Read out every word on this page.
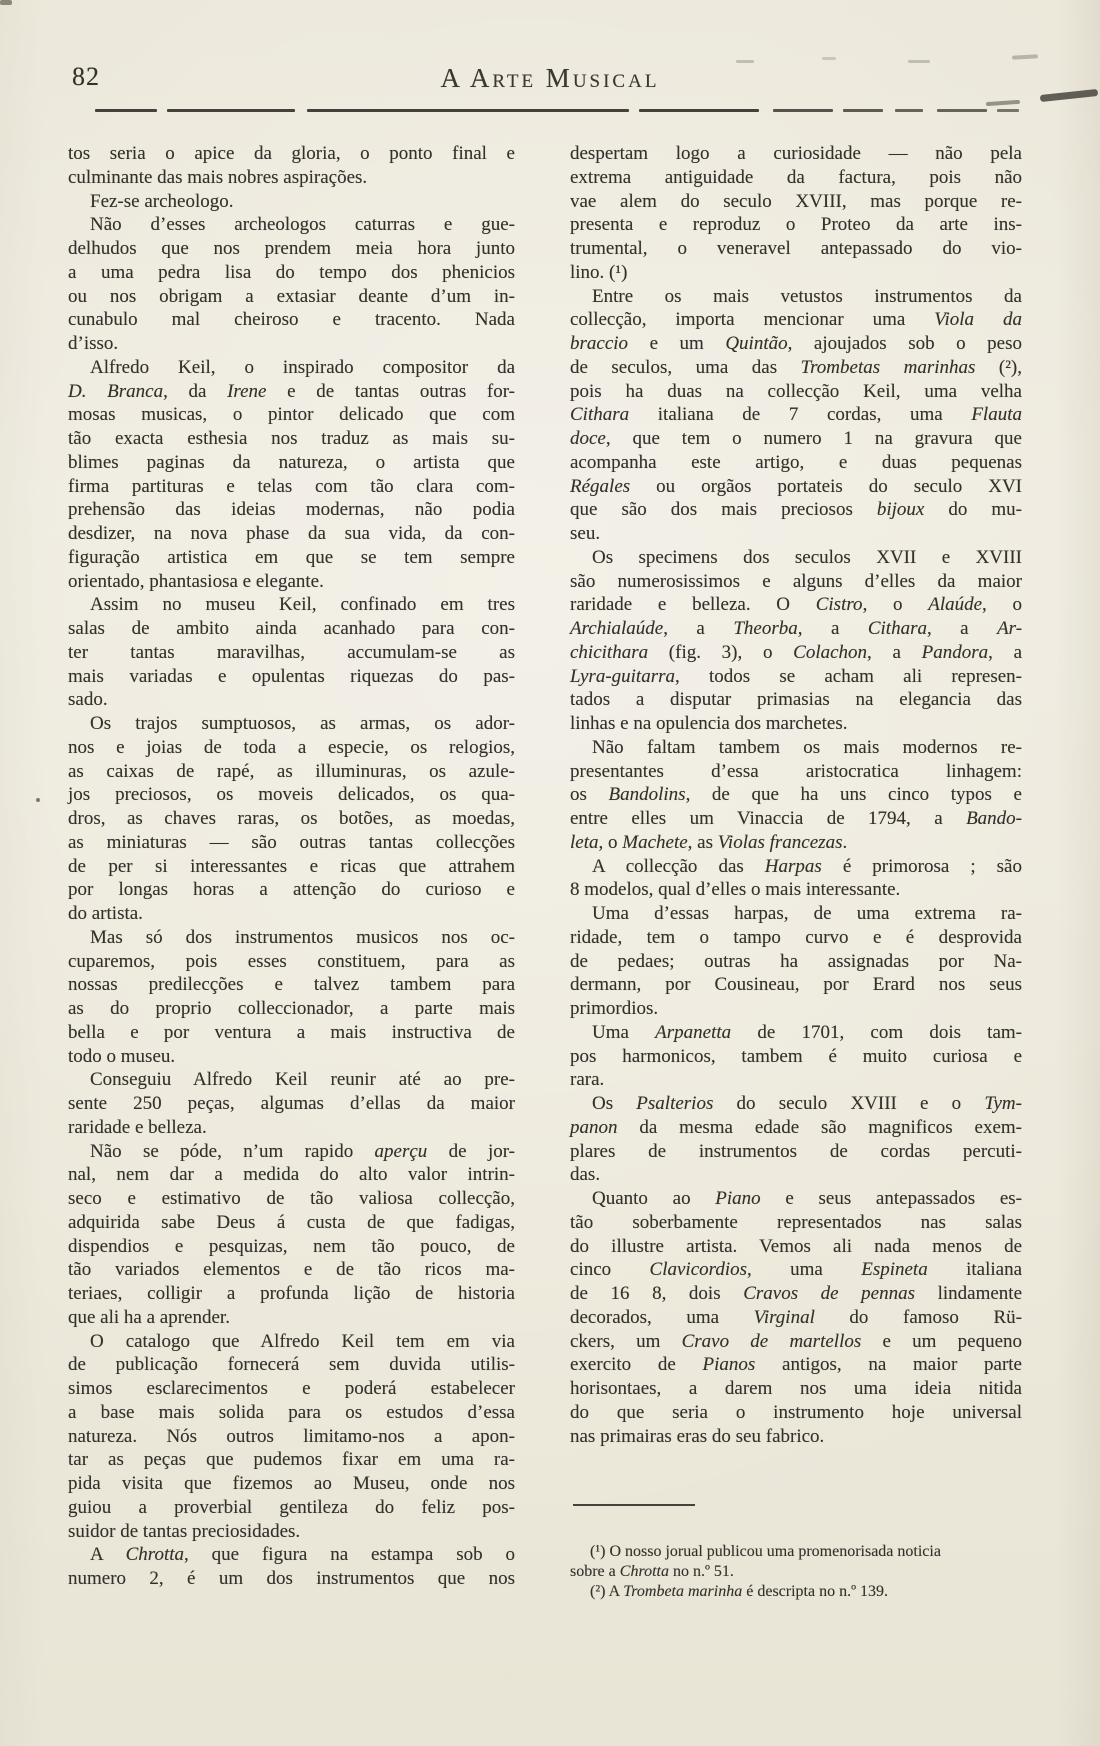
82	A Arte Musical
tos seria o apice da gloria, o ponto final e
culminante das mais nobres aspirações.
Fez-se archeologo.
Não d’esses archeologos caturras e gue-
delhudos que nos prendem meia hora junto
a uma pedra lisa do tempo dos phenicios
ou nos obrigam a extasiar deante d’um in-
cunabulo mal cheiroso e tracento. Nada
d’isso.
Alfredo Keil, o inspirado compositor da
D. Branca, da Irene e de tantas outras for-
mosas musicas, o pintor delicado que com
tão exacta esthesia nos traduz as mais su-
blimes paginas da natureza, o artista que
firma partituras e telas com tão clara com-
prehensão das ideias modernas, não podia
desdizer, na nova phase da sua vida, da con-
figuração artistica em que se tem sempre
orientado, phantasiosa e elegante.
Assim no museu Keil, confinado em tres
salas de ambito ainda acanhado para con-
ter tantas maravilhas, accumulam-se as
mais variadas e opulentas riquezas do pas-
sado.
Os trajos sumptuosos, as armas, os ador-
nos e joias de toda a especie, os relogios,
as caixas de rapé, as illuminuras, os azule-
jos preciosos, os moveis delicados, os qua-
dros, as chaves raras, os botões, as moedas,
as miniaturas — são outras tantas collecções
de per si interessantes e ricas que attrahem
por longas horas a attenção do curioso e
do artista.
Mas só dos instrumentos musicos nos oc-
cuparemos, pois esses constituem, para as
nossas predilecções e talvez tambem para
as do proprio colleccionador, a parte mais
bella e por ventura a mais instructiva de
todo o museu.
Conseguiu Alfredo Keil reunir até ao pre-
sente 250 peças, algumas d’ellas da maior
raridade e belleza.
Não se póde, n’um rapido aperçu de jor-
nal, nem dar a medida do alto valor intrin-
seco e estimativo de tão valiosa collecção,
adquirida sabe Deus á custa de que fadigas,
dispendios e pesquizas, nem tão pouco, de
tão variados elementos e de tão ricos ma-
teriaes, colligir a profunda lição de historia
que ali ha a aprender.
O catalogo que Alfredo Keil tem em via
de publicação fornecerá sem duvida utilis-
simos esclarecimentos e poderá estabelecer
a base mais solida para os estudos d’essa
natureza. Nós outros limitamo-nos a apon-
tar as peças que pudemos fixar em uma ra-
pida visita que fizemos ao Museu, onde nos
guiou a proverbial gentileza do feliz pos-
suidor de tantas preciosidades.
A Chrotta, que figura na estampa sob o
numero 2, é um dos instrumentos que nos
despertam logo a curiosidade — não pela
extrema antiguidade da factura, pois não
vae alem do seculo XVIII, mas porque re-
presenta e reproduz o Proteo da arte ins-
trumental, o veneravel antepassado do vio-
lino. (¹)
Entre os mais vetustos instrumentos da
collecção, importa mencionar uma Viola da
braccio e um Quintão, ajoujados sob o peso
de seculos, uma das Trombetas marinhas (²),
pois ha duas na collecção Keil, uma velha
Cithara italiana de 7 cordas, uma Flauta
doce, que tem o numero 1 na gravura que
acompanha este artigo, e duas pequenas
Régales ou orgãos portateis do seculo XVI
que são dos mais preciosos bijoux do mu-
seu.
Os specimens dos seculos XVII e XVIII
são numerosissimos e alguns d’elles da maior
raridade e belleza. O Cistro, o Alaúde, o
Archialaúde, a Theorba, a Cithara, a Ar-
chicithara (fig. 3), o Colachon, a Pandora, a
Lyra-guitarra, todos se acham ali represen-
tados a disputar primasias na elegancia das
linhas e na opulencia dos marchetes.
Não faltam tambem os mais modernos re-
presentantes d’essa aristocratica linhagem:
os Bandolins, de que ha uns cinco typos e
entre elles um Vinaccia de 1794, a Bando-
leta, o Machete, as Violas francezas.
A collecção das Harpas é primorosa ; são
8 modelos, qual d’elles o mais interessante.
Uma d’essas harpas, de uma extrema ra-
ridade, tem o tampo curvo e é desprovida
de pedaes; outras ha assignadas por Na-
dermann, por Cousineau, por Erard nos seus
primordios.
Uma Arpanetta de 1701, com dois tam-
pos harmonicos, tambem é muito curiosa e
rara.
Os Psalterios do seculo XVIII e o Tym-
panon da mesma edade são magnificos exem-
plares de instrumentos de cordas percuti-
das.
Quanto ao Piano e seus antepassados es-
tão soberbamente representados nas salas
do illustre artista. Vemos ali nada menos de
cinco Clavicordios, uma Espineta italiana
de 16 8, dois Cravos de pennas lindamente
decorados, uma Virginal do famoso Rü-
ckers, um Cravo de martellos e um pequeno
exercito de Pianos antigos, na maior parte
horisontaes, a darem nos uma ideia nitida
do que seria o instrumento hoje universal
nas primairas eras do seu fabrico.
(¹) O nosso jorual publicou uma promenorisada noticia
sobre a Chrotta no n.º 51.
(²) A Trombeta marinha é descripta no n.º 139.
